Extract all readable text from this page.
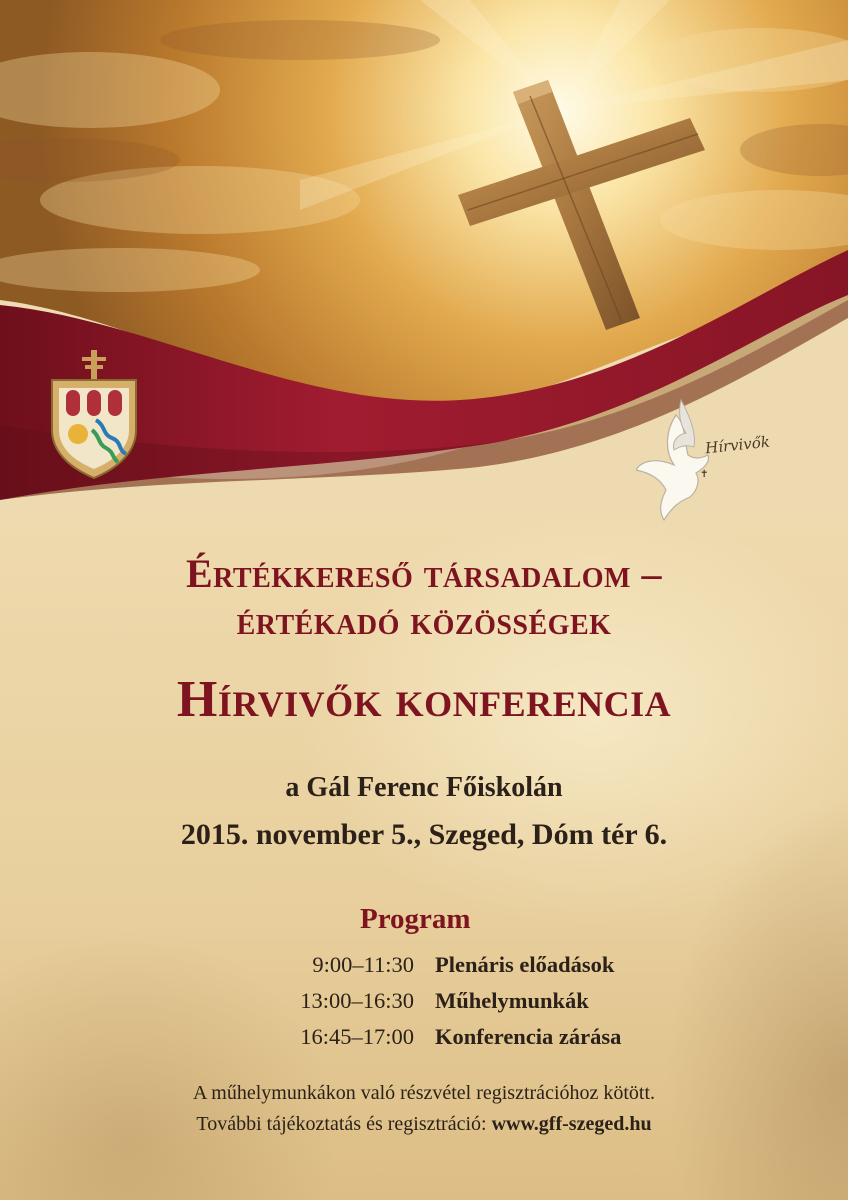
✝
Hírvivők
Értékkereső társadalom –
értékadó közösségek
Hírvivők konferencia
a Gál Ferenc Főiskolán
2015. november 5., Szeged, Dóm tér 6.
Program
9:00–11:30 Plenáris előadások
13:00–16:30 Műhelymunkák
16:45–17:00 Konferencia zárása
A műhelymunkákon való részvétel regisztrációhoz kötött.
További tájékoztatás és regisztráció: www.gff-szeged.hu
